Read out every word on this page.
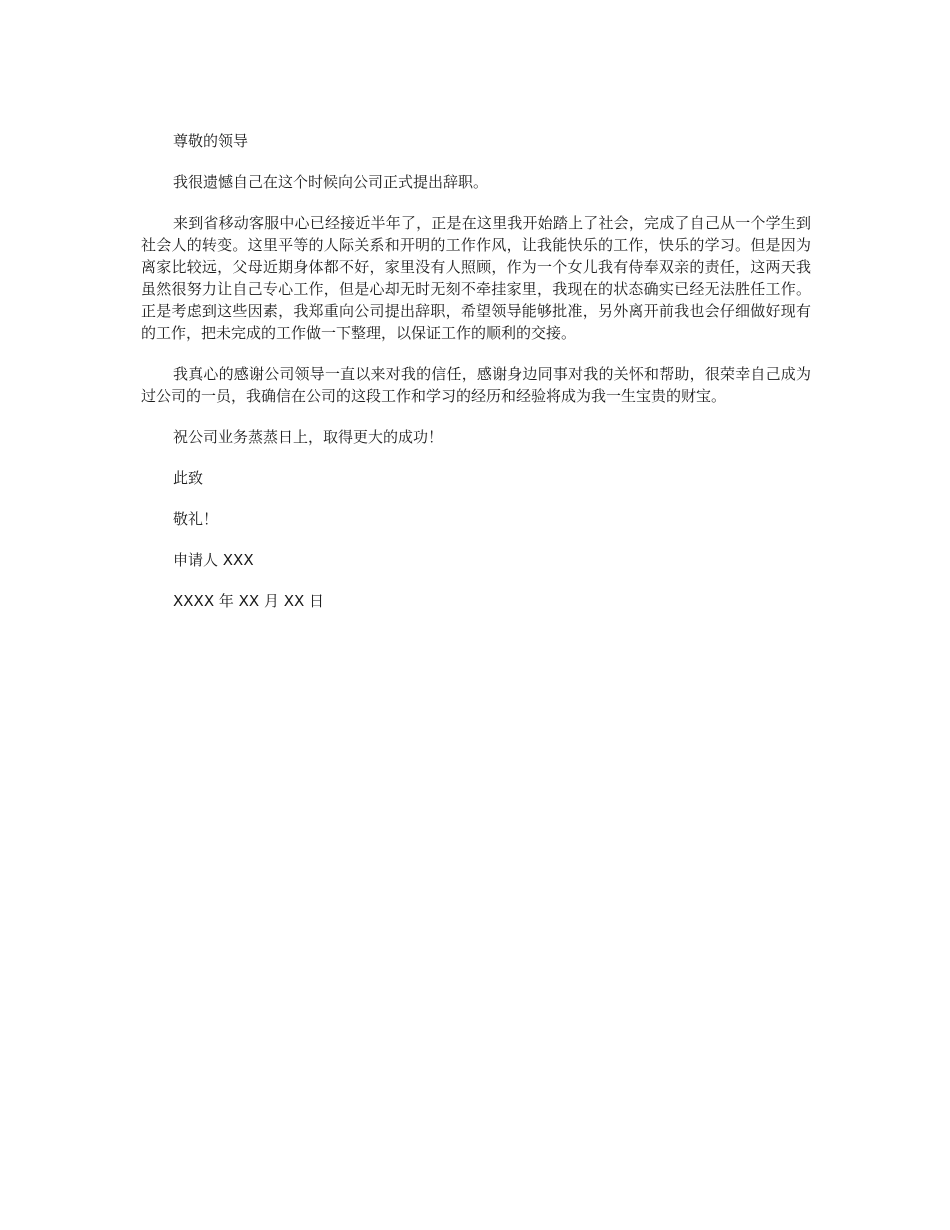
尊敬的领导

我很遗憾自己在这个时候向公司正式提出辞职。

来到省移动客服中心已经接近半年了，正是在这里我开始踏上了社会，完成了自己从一个学生到社会人的转变。这里平等的人际关系和开明的工作作风，让我能快乐的工作，快乐的学习。但是因为离家比较远，父母近期身体都不好，家里没有人照顾，作为一个女儿我有侍奉双亲的责任，这两天我虽然很努力让自己专心工作，但是心却无时无刻不牵挂家里，我现在的状态确实已经无法胜任工作。正是考虑到这些因素，我郑重向公司提出辞职，希望领导能够批准，另外离开前我也会仔细做好现有的工作，把未完成的工作做一下整理，以保证工作的顺利的交接。

我真心的感谢公司领导一直以来对我的信任，感谢身边同事对我的关怀和帮助，很荣幸自己成为过公司的一员，我确信在公司的这段工作和学习的经历和经验将成为我一生宝贵的财宝。

祝公司业务蒸蒸日上，取得更大的成功！

此致

敬礼！

申请人 XXX

XXXX 年 XX 月 XX 日
